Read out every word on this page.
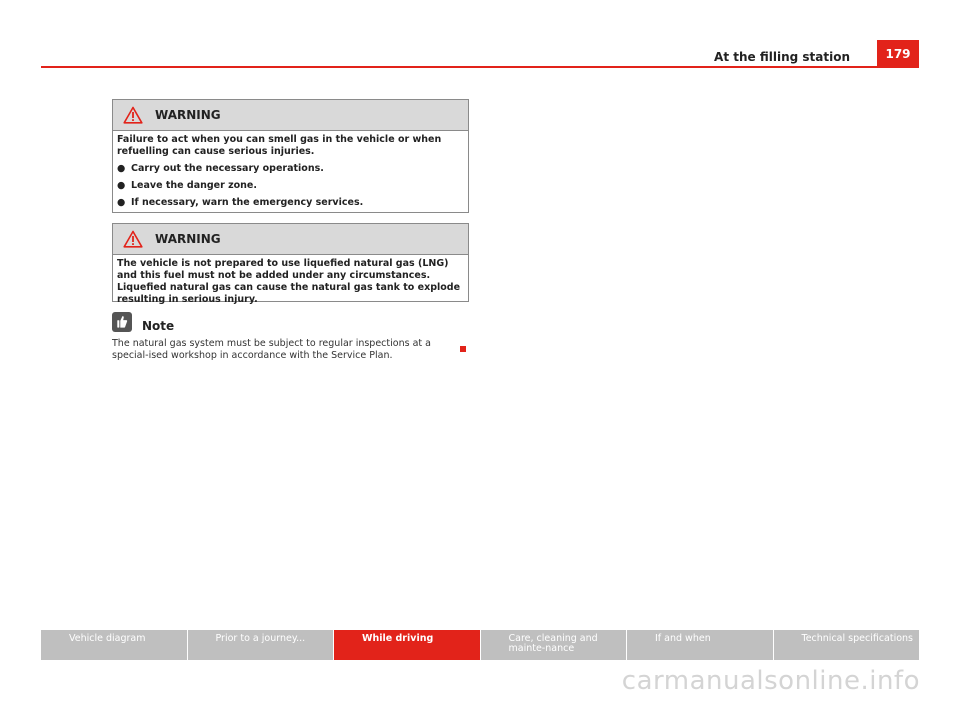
At the filling station	179
WARNING

Failure to act when you can smell gas in the vehicle or when refuelling can cause serious injuries.

● Carry out the necessary operations.
● Leave the danger zone.
● If necessary, warn the emergency services.
WARNING

The vehicle is not prepared to use liquefied natural gas (LNG) and this fuel must not be added under any circumstances. Liquefied natural gas can cause the natural gas tank to explode resulting in serious injury.

Note
The natural gas system must be subject to regular inspections at a special-ised workshop in accordance with the Service Plan.
Vehicle diagram	Prior to a journey...	While driving	Care, cleaning and mainte-nance
If and when	Technical specifications
carmanualsonline.info
